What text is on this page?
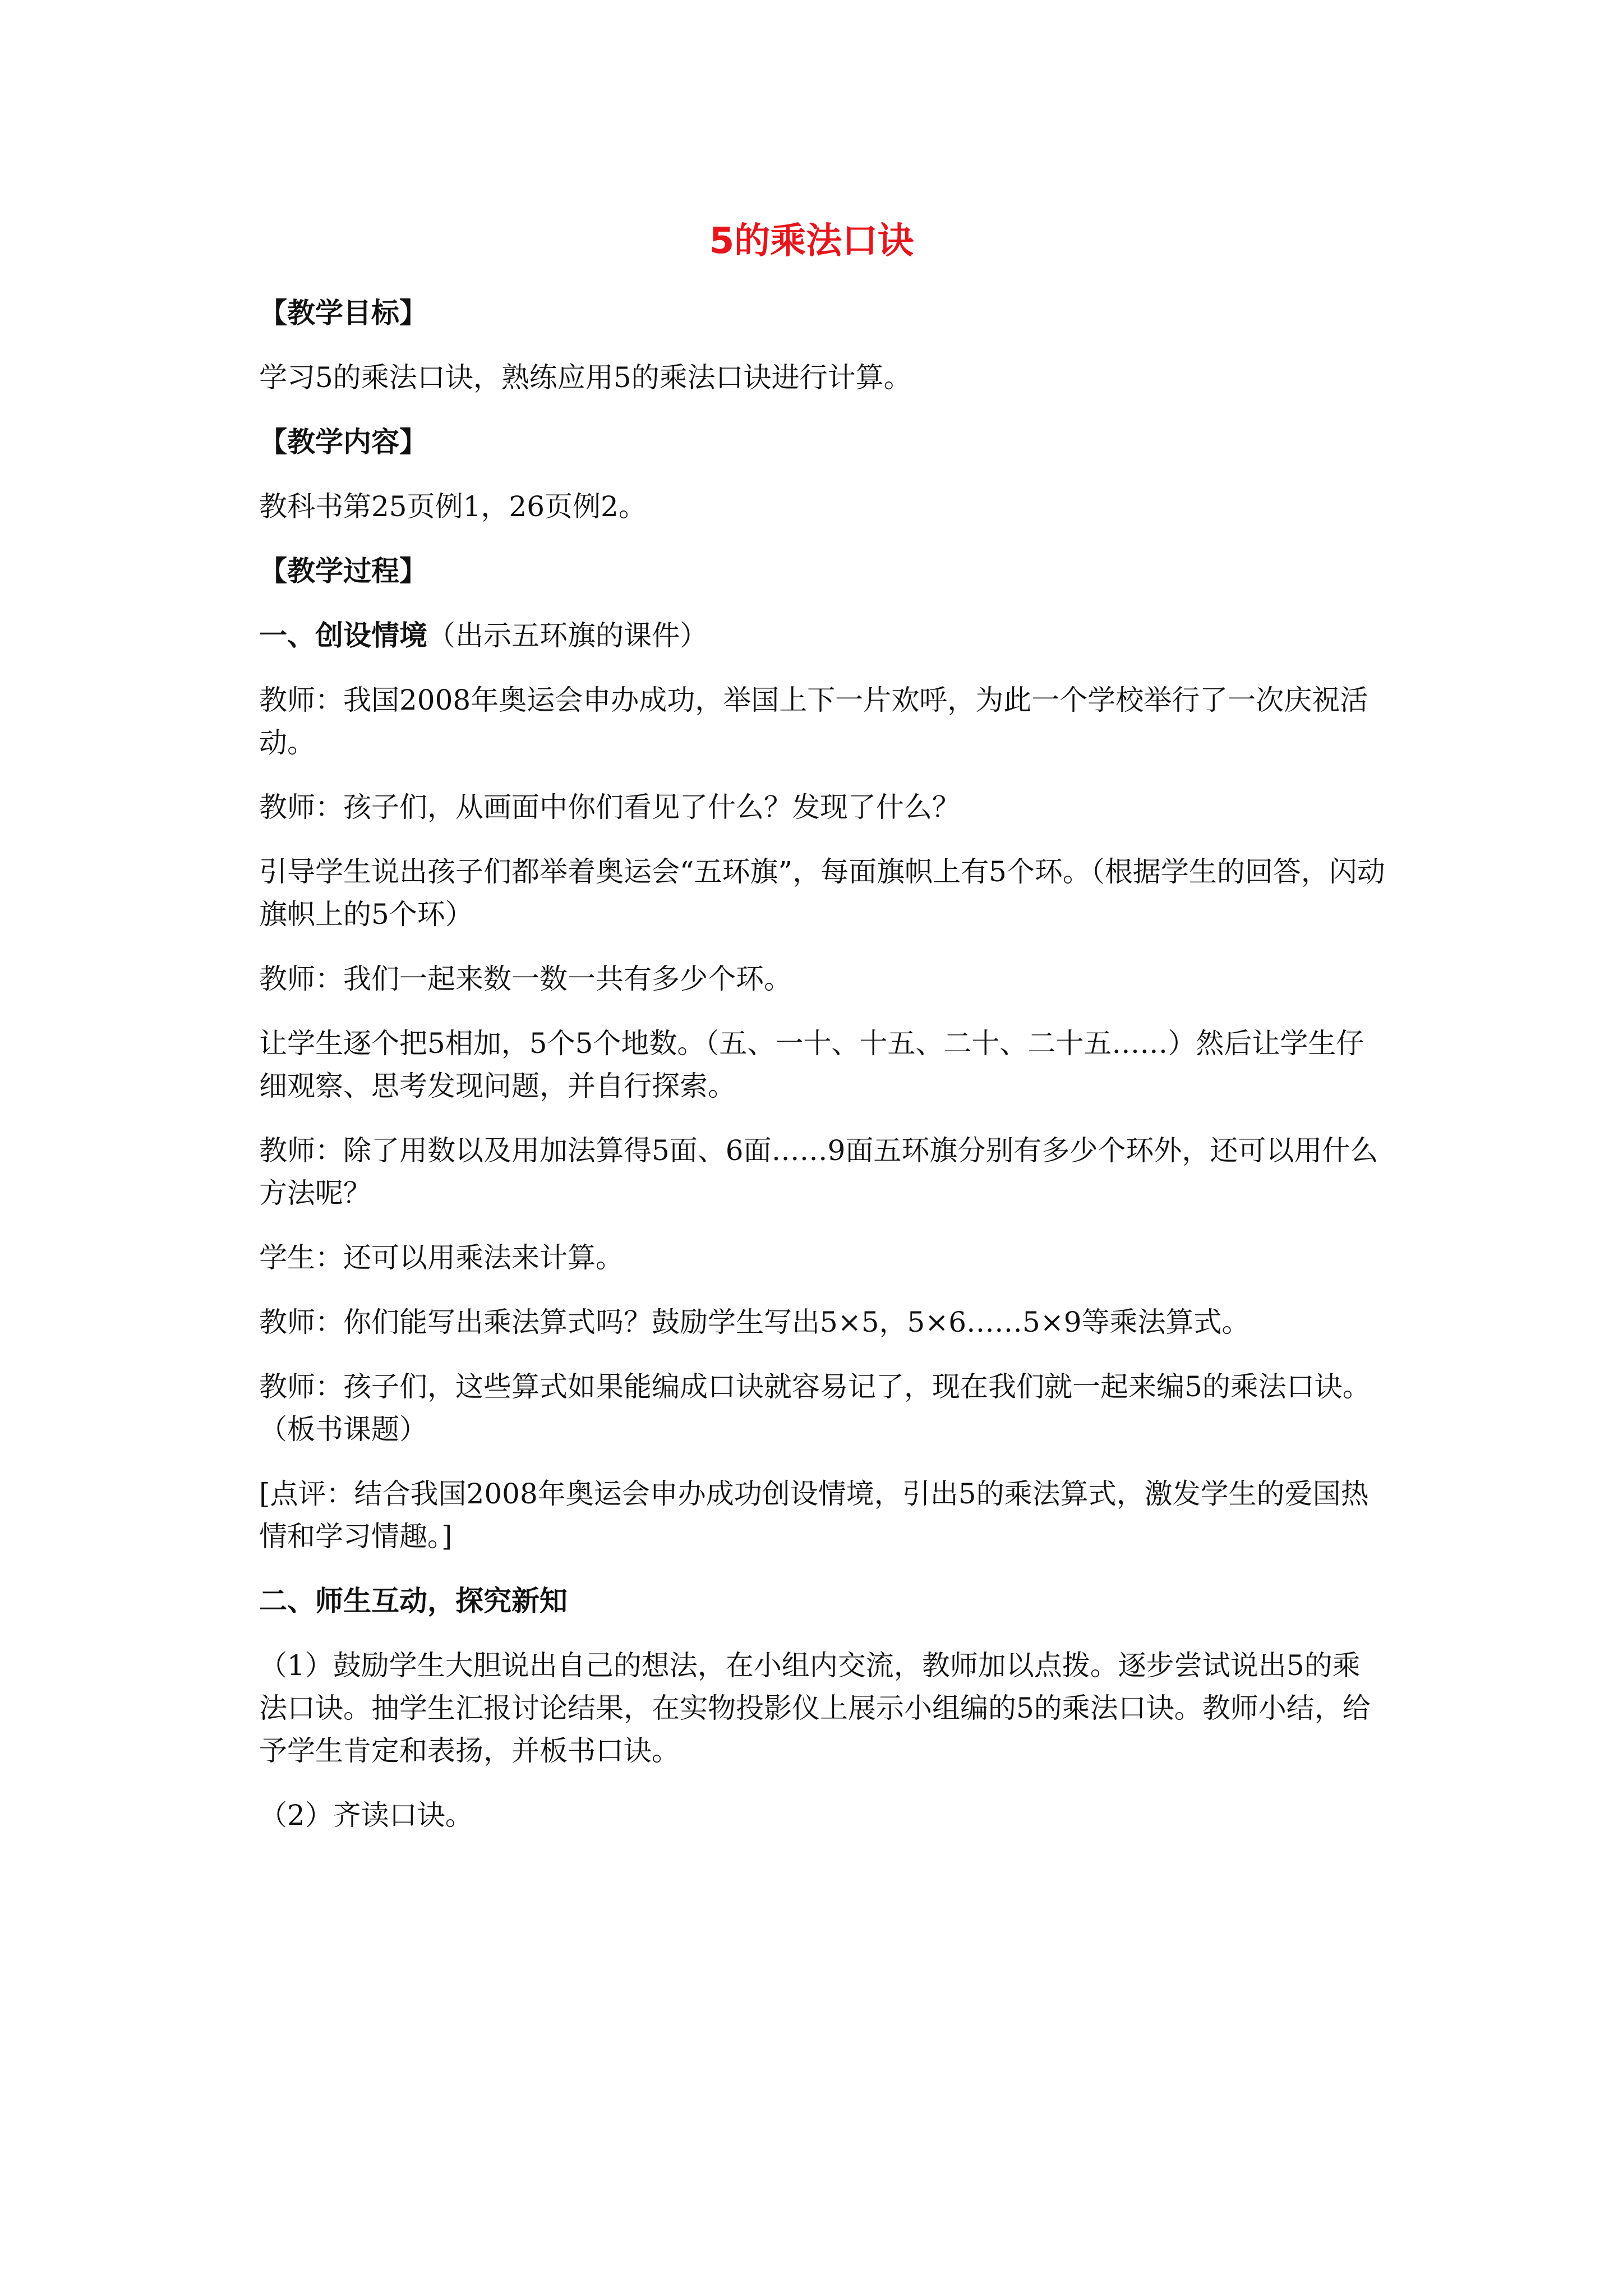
5的乘法口诀

【教学目标】

学习5的乘法口诀，熟练应用5的乘法口诀进行计算。

【教学内容】

教科书第25页例1，26页例2。

【教学过程】

一、创设情境（出示五环旗的课件）

教师：我国2008年奥运会申办成功，举国上下一片欢呼，为此一个学校举行了一次庆祝活动。

教师：孩子们，从画面中你们看见了什么？发现了什么？

引导学生说出孩子们都举着奥运会“五环旗”，每面旗帜上有5个环。（根据学生的回答，闪动旗帜上的5个环）

教师：我们一起来数一数一共有多少个环。

让学生逐个把5相加，5个5个地数。（五、一十、十五、二十、二十五……）然后让学生仔细观察、思考发现问题，并自行探索。

教师：除了用数以及用加法算得5面、6面……9面五环旗分别有多少个环外，还可以用什么方法呢？

学生：还可以用乘法来计算。

教师：你们能写出乘法算式吗？鼓励学生写出5×5，5×6……5×9等乘法算式。

教师：孩子们，这些算式如果能编成口诀就容易记了，现在我们就一起来编5的乘法口诀。（板书课题）

[点评：结合我国2008年奥运会申办成功创设情境，引出5的乘法算式，激发学生的爱国热情和学习情趣。]

二、师生互动，探究新知

（1）鼓励学生大胆说出自己的想法，在小组内交流，教师加以点拨。逐步尝试说出5的乘法口诀。抽学生汇报讨论结果，在实物投影仪上展示小组编的5的乘法口诀。教师小结，给予学生肯定和表扬，并板书口诀。

（2）齐读口诀。
